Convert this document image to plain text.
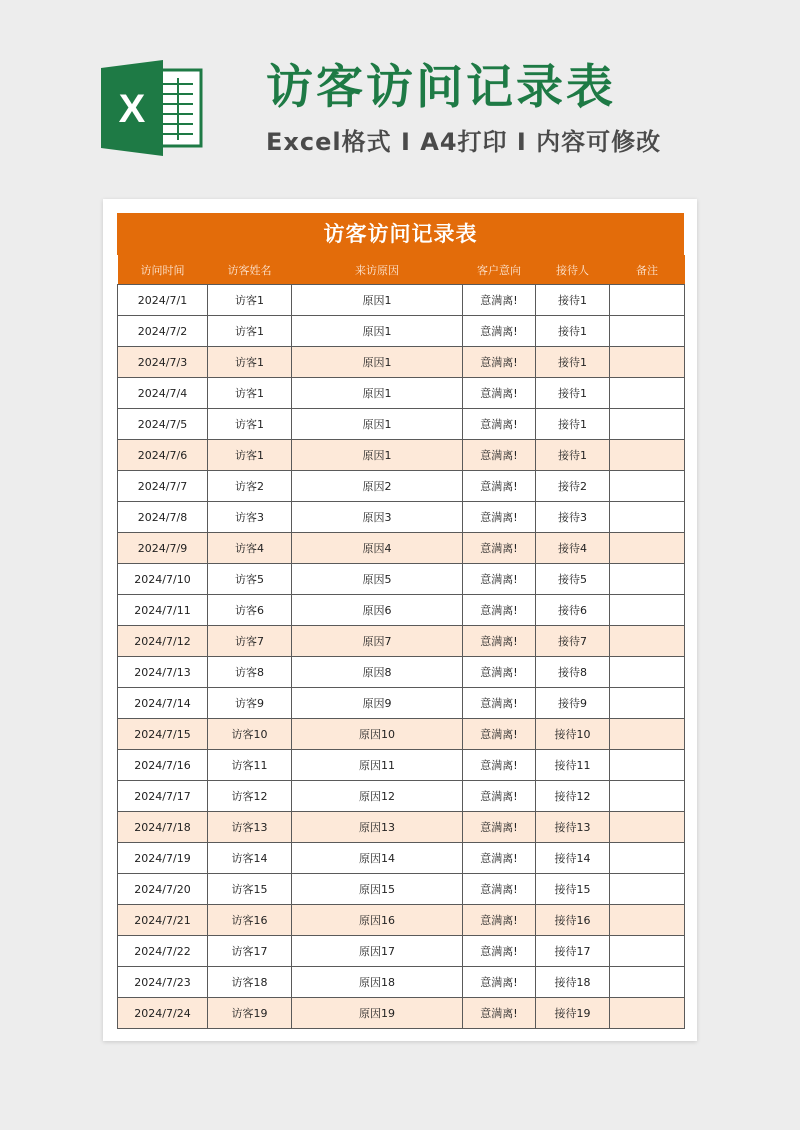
X	访客访问记录表
Excel格式 I A4打印 I 内容可修改
访客访问记录表
访问时间	访客姓名	来访原因	客户意向	接待人	备注
2024/7/1	访客1	原因1	意满离!	接待1	
2024/7/2	访客1	原因1	意满离!	接待1	
2024/7/3	访客1	原因1	意满离!	接待1	
2024/7/4	访客1	原因1	意满离!	接待1	
2024/7/5	访客1	原因1	意满离!	接待1	
2024/7/6	访客1	原因1	意满离!	接待1	
2024/7/7	访客2	原因2	意满离!	接待2	
2024/7/8	访客3	原因3	意满离!	接待3	
2024/7/9	访客4	原因4	意满离!	接待4	
2024/7/10	访客5	原因5	意满离!	接待5	
2024/7/11	访客6	原因6	意满离!	接待6	
2024/7/12	访客7	原因7	意满离!	接待7	
2024/7/13	访客8	原因8	意满离!	接待8	
2024/7/14	访客9	原因9	意满离!	接待9	
2024/7/15	访客10	原因10	意满离!	接待10	
2024/7/16	访客11	原因11	意满离!	接待11	
2024/7/17	访客12	原因12	意满离!	接待12	
2024/7/18	访客13	原因13	意满离!	接待13	
2024/7/19	访客14	原因14	意满离!	接待14	
2024/7/20	访客15	原因15	意满离!	接待15	
2024/7/21	访客16	原因16	意满离!	接待16	
2024/7/22	访客17	原因17	意满离!	接待17	
2024/7/23	访客18	原因18	意满离!	接待18	
2024/7/24	访客19	原因19	意满离!	接待19	
